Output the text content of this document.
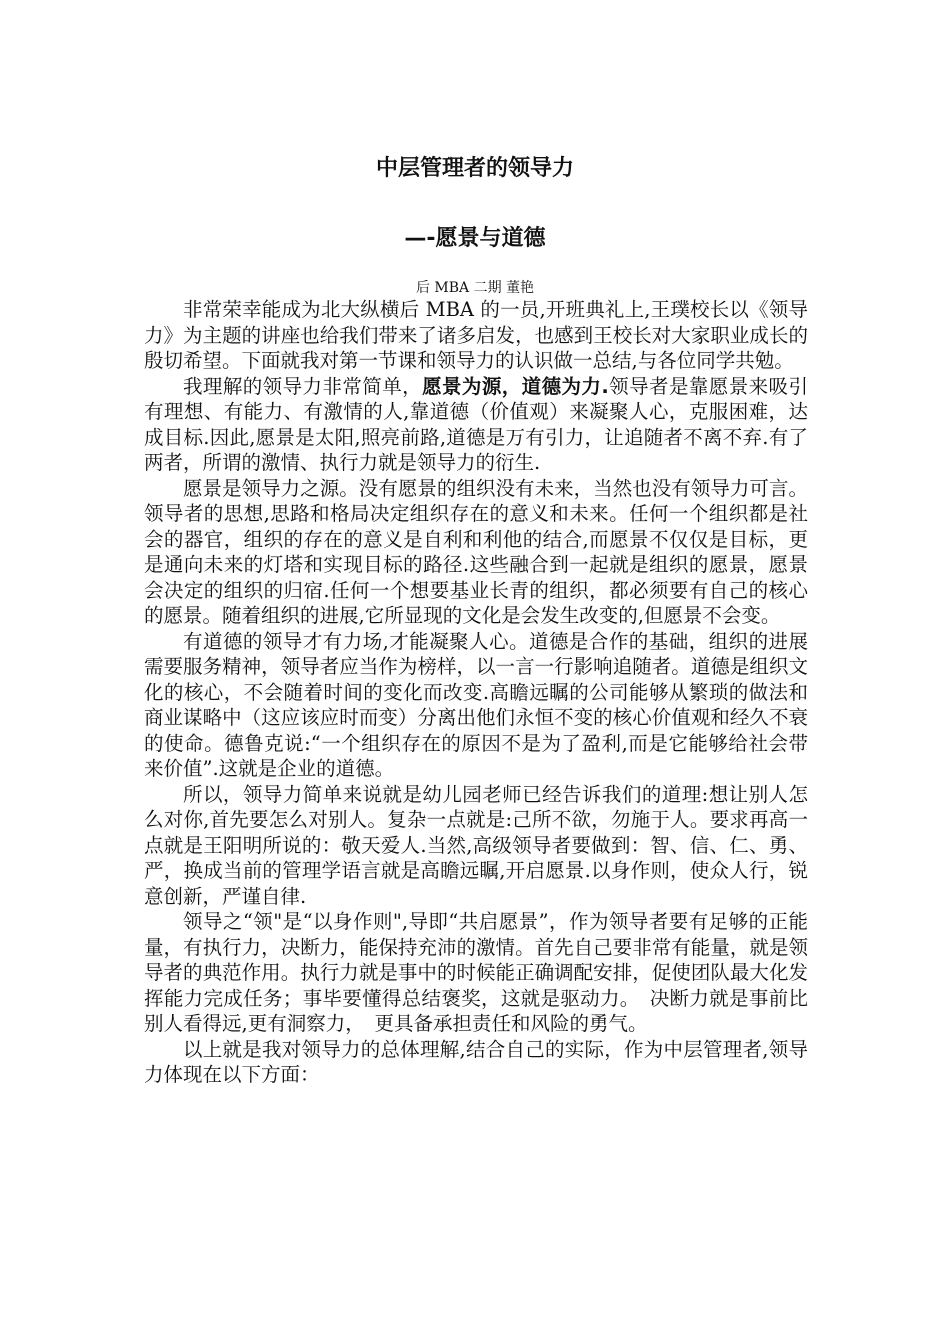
中层管理者的领导力
—-愿景与道德

后 MBA 二期 董艳

非常荣幸能成为北大纵横后 MBA 的一员,开班典礼上,王璞校长以《领导力》为主题的讲座也给我们带来了诸多启发，也感到王校长对大家职业成长的殷切希望。下面就我对第一节课和领导力的认识做一总结,与各位同学共勉。

我理解的领导力非常简单，愿景为源，道德为力.领导者是靠愿景来吸引有理想、有能力、有激情的人,靠道德（价值观）来凝聚人心，克服困难，达成目标.因此,愿景是太阳,照亮前路,道德是万有引力，让追随者不离不弃.有了两者，所谓的激情、执行力就是领导力的衍生.

愿景是领导力之源。没有愿景的组织没有未来，当然也没有领导力可言。领导者的思想,思路和格局决定组织存在的意义和未来。任何一个组织都是社会的器官，组织的存在的意义是自利和利他的结合,而愿景不仅仅是目标，更是通向未来的灯塔和实现目标的路径.这些融合到一起就是组织的愿景，愿景会决定的组织的归宿.任何一个想要基业长青的组织，都必须要有自己的核心的愿景。随着组织的进展,它所显现的文化是会发生改变的,但愿景不会变。

有道德的领导才有力场,才能凝聚人心。道德是合作的基础，组织的进展需要服务精神，领导者应当作为榜样，以一言一行影响追随者。道德是组织文化的核心，不会随着时间的变化而改变.高瞻远瞩的公司能够从繁琐的做法和商业谋略中（这应该应时而变）分离出他们永恒不变的核心价值观和经久不衰的使命。德鲁克说:“一个组织存在的原因不是为了盈利,而是它能够给社会带来价值”.这就是企业的道德。

所以，领导力简单来说就是幼儿园老师已经告诉我们的道理:想让别人怎么对你,首先要怎么对别人。复杂一点就是:己所不欲，勿施于人。要求再高一点就是王阳明所说的：敬天爱人.当然,高级领导者要做到：智、信、仁、勇、严，换成当前的管理学语言就是高瞻远瞩,开启愿景.以身作则，使众人行，锐意创新，严谨自律.

领导之“领"是“以身作则",导即“共启愿景”，作为领导者要有足够的正能量，有执行力，决断力，能保持充沛的激情。首先自己要非常有能量，就是领导者的典范作用。执行力就是事中的时候能正确调配安排，促使团队最大化发挥能力完成任务；事毕要懂得总结褒奖，这就是驱动力。　决断力就是事前比别人看得远,更有洞察力，　更具备承担责任和风险的勇气。

以上就是我对领导力的总体理解,结合自己的实际，作为中层管理者,领导力体现在以下方面：
